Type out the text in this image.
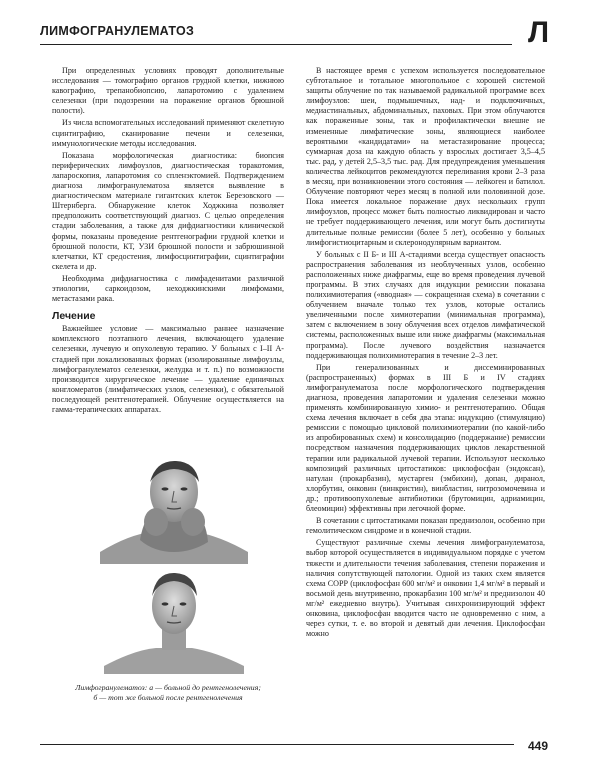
ЛИМФОГРАНУЛЕМАТОЗ	Л

При определенных условиях проводят дополнительные исследования — томографию органов грудной клетки, нижнюю кавографию, трепанобиопсию, лапаротомию с удалением селезенки (при подозрении на поражение органов брюшной полости).

Из числа вспомогательных исследований применяют скелетную сцинтиграфию, сканирование печени и селезенки, иммунологические методы исследования.

Показана морфологическая диагностика: биопсия периферических лимфоузлов, диагностическая торакотомия, лапароскопия, лапаротомия со спленэктомией. Подтверждением диагноза лимфогранулематоза является выявление в диагностическом материале гигантских клеток Березовского — Штернберга. Обнаружение клеток Ходжкина позволяет предположить соответствующий диагноз. С целью определения стадии заболевания, а также для дифдиагностики клинической формы, показаны проведение рентгенографии грудной клетки и брюшной полости, КТ, УЗИ брюшной полости и забрюшинной клетчатки, КТ средостения, лимфосцинтиграфии, сцинтиграфии скелета и др.

Необходима дифдиагностика с лимфаденитами различной этиологии, саркоидозом, неходжкинскими лимфомами, метастазами рака.

Лечение

Важнейшее условие — максимально раннее назначение комплексного поэтапного лечения, включающего удаление селезенки, лучевую и опухолевую терапию. У больных с I–II А-стадией при локализованных формах (изолированные лимфоузлы, лимфогранулематоз селезенки, желудка и т. п.) по возможности производится хирургическое лечение — удаление единичных конгломератов (лимфатических узлов, селезенки), с обязательной последующей рентгенотерапией. Облучение осуществляется на гамма-терапических аппаратах.

Лимфогранулематоз: а — больной до рентгенолечения;
б — тот же больной после рентгенолечения

В настоящее время с успехом используется последовательное субтотальное и тотальное многопольное с хорошей системой защиты облучение по так называемой радикальной программе всех лимфоузлов: шеи, подмышечных, над- и подключичных, медиастинальных, абдоминальных, паховых. При этом облучаются как пораженные зоны, так и профилактически внешне не измененные лимфатические зоны, являющиеся наиболее вероятными «кандидатами» на метастазирование процесса; суммарная доза на каждую область у взрослых достигает 3,5–4,5 тыс. рад, у детей 2,5–3,5 тыс. рад. Для предупреждения уменьшения количества лейкоцитов рекомендуются переливания крови 2–3 раза в месяц, при возникновении этого состояния — лейкоген и батилол. Облучение повторяют через месяц в полной или половинной дозе. Пока имеется локальное поражение двух нескольких групп лимфоузлов, процесс может быть полностью ликвидирован и часто не требует поддерживающего лечения, или могут быть достигнуты длительные полные ремиссии (более 5 лет), особенно у больных лимфогистиоцитарным и склеронодулярным вариантом.

У больных с II Б- и III А-стадиями всегда существует опасность распространения заболевания из необлученных узлов, особенно расположенных ниже диафрагмы, еще во время проведения лучевой программы. В этих случаях для индукции ремиссии показана полихимиотерапия («вводная» — сокращенная схема) в сочетании с облучением вначале только тех узлов, которые остались увеличенными после химиотерапии (минимальная программа), затем с включением в зону облучения всех отделов лимфатической системы, расположенных выше или ниже диафрагмы (максимальная программа). После лучевого воздействия назначается поддерживающая полихимиотерапия в течение 2–3 лет.

При генерализованных и диссеминированных (распространенных) формах в III Б и IV стадиях лимфогранулематоза после морфологического подтверждения диагноза, проведения лапаротомии и удаления селезенки можно применять комбинированную химио- и рентгенотерапию. Общая схема лечения включает в себя два этапа: индукцию (стимуляцию) ремиссии с помощью цикловой полихимиотерапии (по какой-либо из апробированных схем) и консолидацию (поддержание) ремиссии посредством назначения поддерживающих циклов лекарственной терапии или радикальной лучевой терапии. Используют несколько композиций различных цитостатиков: циклофосфан (эндоксан), натулан (прокарбазин), мустарген (эмбихин), допан, диранол, хлорбутин, онковин (винкристин), винбластин, нитрозомочевина и др.; противоопухолевые антибиотики (брутомицин, адриамицин, блеомицин) эффективны при легочной форме.

В сочетании с цитостатиками показан преднизолон, особенно при гемолитическом синдроме и в конечной стадии.

Существуют различные схемы лечения лимфогранулематоза, выбор которой осуществляется в индивидуальном порядке с учетом тяжести и длительности течения заболевания, степени поражения и наличия сопутствующей патологии. Одной из таких схем является схема СОРР (циклофосфан 600 мг/м² и онковин 1,4 мг/м² в первый и восьмой день внутривенно, прокарбазин 100 мг/м² и преднизолон 40 мг/м² ежедневно внутрь). Учитывая синхронизирующий эффект онковина, циклофосфан вводится часто не одновременно с ним, а через сутки, т. е. во второй и девятый дни лечения. Циклофосфан можно

449
